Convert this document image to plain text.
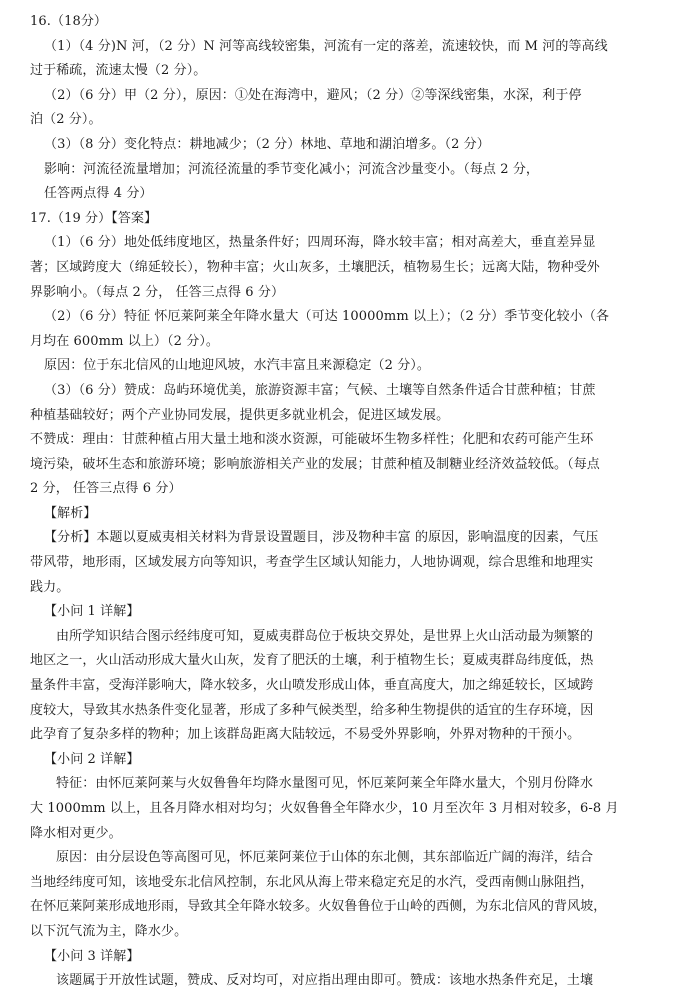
16.（18分）
（1）（4 分)N 河，（2 分）N 河等高线较密集，河流有一定的落差，流速较快，而 M 河的等高线
过于稀疏，流速太慢（2 分）。
（2）（6 分）甲（2 分），原因：①处在海湾中，避风；（2 分）②等深线密集，水深，利于停
泊（2 分）。
（3）（8 分）变化特点：耕地减少；（2 分）林地、草地和湖泊增多。（2 分）
影响：河流径流量增加；河流径流量的季节变化减小；河流含沙量变小。（每点 2 分，
任答两点得 4 分）
17.（19 分）【答案】
（1）（6 分）地处低纬度地区，热量条件好；四周环海，降水较丰富；相对高差大，垂直差异显
著；区域跨度大（绵延较长），物种丰富；火山灰多，土壤肥沃，植物易生长；远离大陆，物种受外
界影响小。（每点 2 分， 任答三点得 6 分）
（2）（6 分）特征 怀厄莱阿莱全年降水量大（可达 10000mm 以上）；（2 分）季节变化较小（各
月均在 600mm 以上）（2 分）。
原因：位于东北信风的山地迎风坡，水汽丰富且来源稳定（2 分）。
（3）（6 分）赞成：岛屿环境优美，旅游资源丰富；气候、土壤等自然条件适合甘蔗种植；甘蔗
种植基础较好；两个产业协同发展，提供更多就业机会，促进区域发展。
不赞成：理由：甘蔗种植占用大量土地和淡水资源，可能破坏生物多样性；化肥和农药可能产生环
境污染，破坏生态和旅游环境；影响旅游相关产业的发展；甘蔗种植及制糖业经济效益较低。（每点
2 分， 任答三点得 6 分）
【解析】
【分析】本题以夏威夷相关材料为背景设置题目，涉及物种丰富 的原因，影响温度的因素，气压
带风带，地形雨，区域发展方向等知识，考查学生区域认知能力，人地协调观，综合思维和地理实
践力。
【小问 1 详解】
由所学知识结合图示经纬度可知，夏威夷群岛位于板块交界处，是世界上火山活动最为频繁的
地区之一，火山活动形成大量火山灰，发育了肥沃的土壤，利于植物生长；夏威夷群岛纬度低，热
量条件丰富，受海洋影响大，降水较多，火山喷发形成山体，垂直高度大，加之绵延较长，区域跨
度较大，导致其水热条件变化显著，形成了多种气候类型，给多种生物提供的适宜的生存环境，因
此孕育了复杂多样的物种；加上该群岛距离大陆较远，不易受外界影响，外界对物种的干预小。
【小问 2 详解】
特征：由怀厄莱阿莱与火奴鲁鲁年均降水量图可见，怀厄莱阿莱全年降水量大，个别月份降水
大 1000mm 以上，且各月降水相对均匀；火奴鲁鲁全年降水少，10 月至次年 3 月相对较多，6-8 月
降水相对更少。
原因：由分层设色等高图可见，怀厄莱阿莱位于山体的东北侧，其东部临近广阔的海洋，结合
当地经纬度可知，该地受东北信风控制，东北风从海上带来稳定充足的水汽，受西南侧山脉阻挡，
在怀厄莱阿莱形成地形雨，导致其全年降水较多。火奴鲁鲁位于山岭的西侧，为东北信风的背风坡，
以下沉气流为主，降水少。
【小问 3 详解】
该题属于开放性试题，赞成、反对均可，对应指出理由即可。赞成：该地水热条件充足，土壤
